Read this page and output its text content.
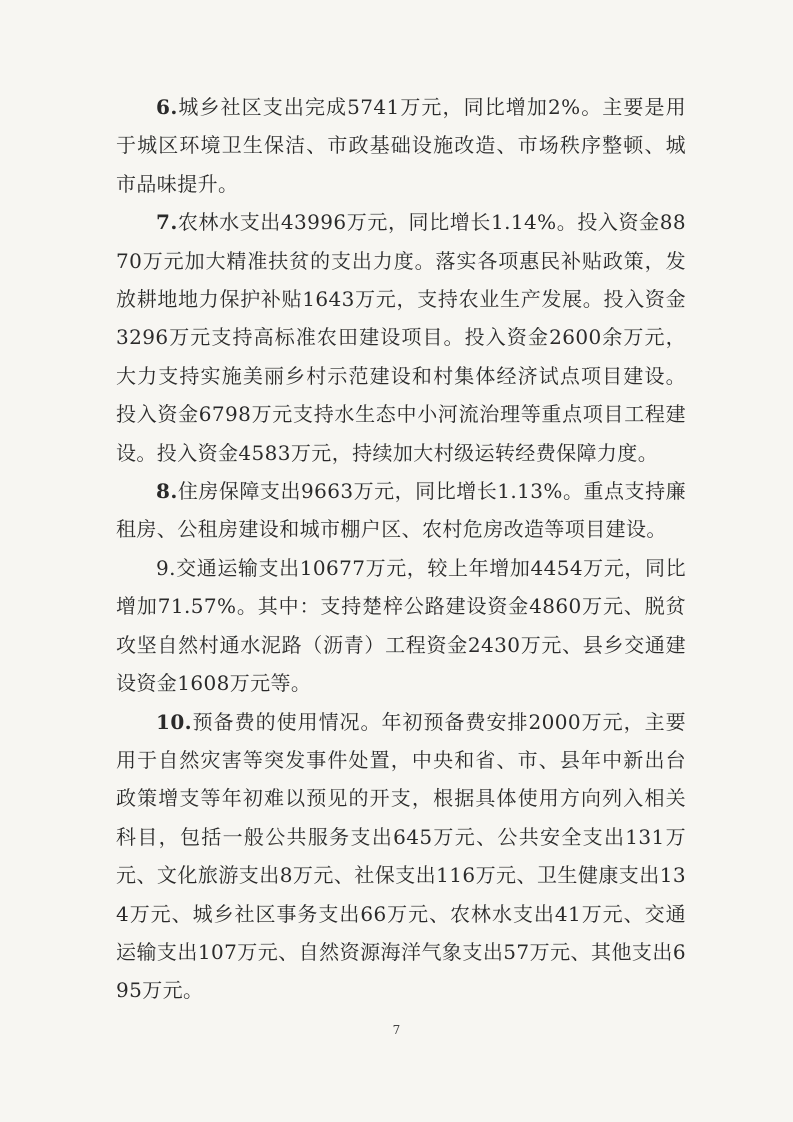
6.城乡社区支出完成5741万元，同比增加2%。主要是用于城区环境卫生保洁、市政基础设施改造、市场秩序整顿、城市品味提升。

7.农林水支出43996万元，同比增长1.14%。投入资金8870万元加大精准扶贫的支出力度。落实各项惠民补贴政策，发放耕地地力保护补贴1643万元，支持农业生产发展。投入资金3296万元支持高标准农田建设项目。投入资金2600余万元，大力支持实施美丽乡村示范建设和村集体经济试点项目建设。投入资金6798万元支持水生态中小河流治理等重点项目工程建设。投入资金4583万元，持续加大村级运转经费保障力度。

8.住房保障支出9663万元，同比增长1.13%。重点支持廉租房、公租房建设和城市棚户区、农村危房改造等项目建设。

9.交通运输支出10677万元，较上年增加4454万元，同比增加71.57%。其中：支持楚梓公路建设资金4860万元、脱贫攻坚自然村通水泥路（沥青）工程资金2430万元、县乡交通建设资金1608万元等。

10.预备费的使用情况。年初预备费安排2000万元，主要用于自然灾害等突发事件处置，中央和省、市、县年中新出台政策增支等年初难以预见的开支，根据具体使用方向列入相关科目，包括一般公共服务支出645万元、公共安全支出131万元、文化旅游支出8万元、社保支出116万元、卫生健康支出134万元、城乡社区事务支出66万元、农林水支出41万元、交通运输支出107万元、自然资源海洋气象支出57万元、其他支出695万元。

7
